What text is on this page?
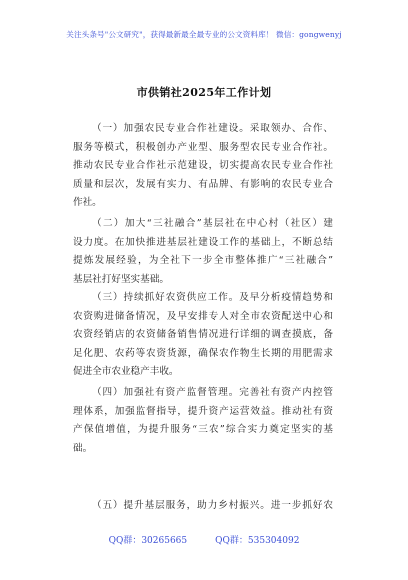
关注头条号"公文研究"，获得最新最全最专业的公文资料库！ 微信：gongwenyj
市供销社2025年工作计划
（一）加强农民专业合作社建设。采取领办、合作、
服务等模式，积极创办产业型、服务型农民专业合作社。
推动农民专业合作社示范建设，切实提高农民专业合作社
质量和层次，发展有实力、有品牌、有影响的农民专业合
作社。
（二）加大“三社融合”基层社在中心村（社区）建
设力度。在加快推进基层社建设工作的基础上，不断总结
提炼发展经验，为全社下一步全市整体推广“三社融合”
基层社打好坚实基础。
（三）持续抓好农资供应工作。及早分析疫情趋势和
农资购进储备情况，及早安排专人对全市农资配送中心和
农资经销店的农资储备销售情况进行详细的调查摸底，备
足化肥、农药等农资货源，确保农作物生长期的用肥需求
促进全市农业稳产丰收。
（四）加强社有资产监督管理。完善社有资产内控管
理体系，加强监督指导，提升资产运营效益。推动社有资
产保值增值，为提升服务“三农”综合实力奠定坚实的基
础。
（五）提升基层服务，助力乡村振兴。进一步抓好农
QQ群：30265665	QQ群：535304092
